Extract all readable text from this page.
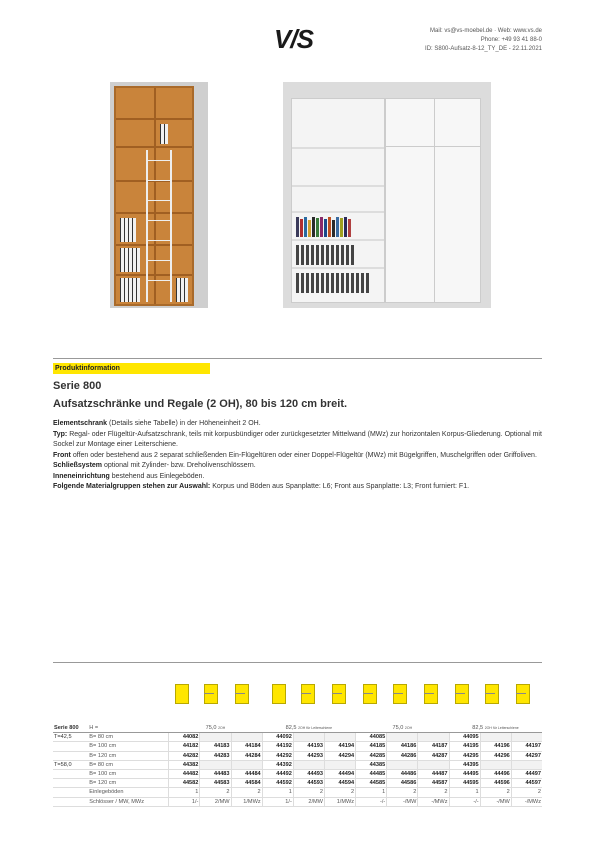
V/S	Mail: vs@vs-moebel.de · Web: www.vs.de
Phone: +49 93 41 88-0
ID: S800-Aufsatz-8-12_TY_DE - 22.11.2021
Produktinformation
Serie 800
Aufsatzschränke und Regale (2 OH), 80 bis 120 cm breit.
Elementschrank (Details siehe Tabelle) in der Höheneinheit 2 OH.
Typ: Regal- oder Flügeltür-Aufsatzschrank, teils mit korpusbündiger oder zurückgesetzter Mittelwand (MWz) zur horizontalen Korpus-Gliederung. Optional mit Sockel zur Montage einer Leiterschiene.
Front offen oder bestehend aus 2 separat schließenden Ein-Flügeltüren oder einer Doppel-Flügeltür (MWz) mit Bügelgriffen, Muschelgriffen oder Griffoliven.
Schließsystem optional mit Zylinder- bzw. Dreholivenschlössern.
Inneneinrichtung bestehend aus Einlegeböden.
Folgende Materialgruppen stehen zur Auswahl: Korpus und Böden aus Spanplatte: L6; Front aus Spanplatte: L3; Front furniert: F1.
Serie 800	H =	75,0 2OH			82,5 2OH für Leiterschiene			75,0 2OH			82,5 2OH für Leiterschiene		
T=42,5	B= 80 cm	44082			44092			44085			44095		
	B= 100 cm	44182	44183	44184	44192	44193	44194	44185	44186	44187	44195	44196	44197
	B= 120 cm	44282	44283	44284	44292	44293	44294	44285	44286	44287	44295	44296	44297
T=58,0	B= 80 cm	44382			44392			44385			44395		
	B= 100 cm	44482	44483	44484	44492	44493	44494	44485	44486	44487	44495	44496	44497
	B= 120 cm	44582	44583	44584	44592	44593	44594	44585	44586	44587	44595	44596	44597
	Einlegeböden	1	2	2	1	2	2	1	2	2	1	2	2
	Schlösser / MW, MWz	1/-	2/MW	1/MWz	1/-	2/MW	1/MWz	-/-	-/MW	-/MWz	-/-	-/MW	-/MWz
